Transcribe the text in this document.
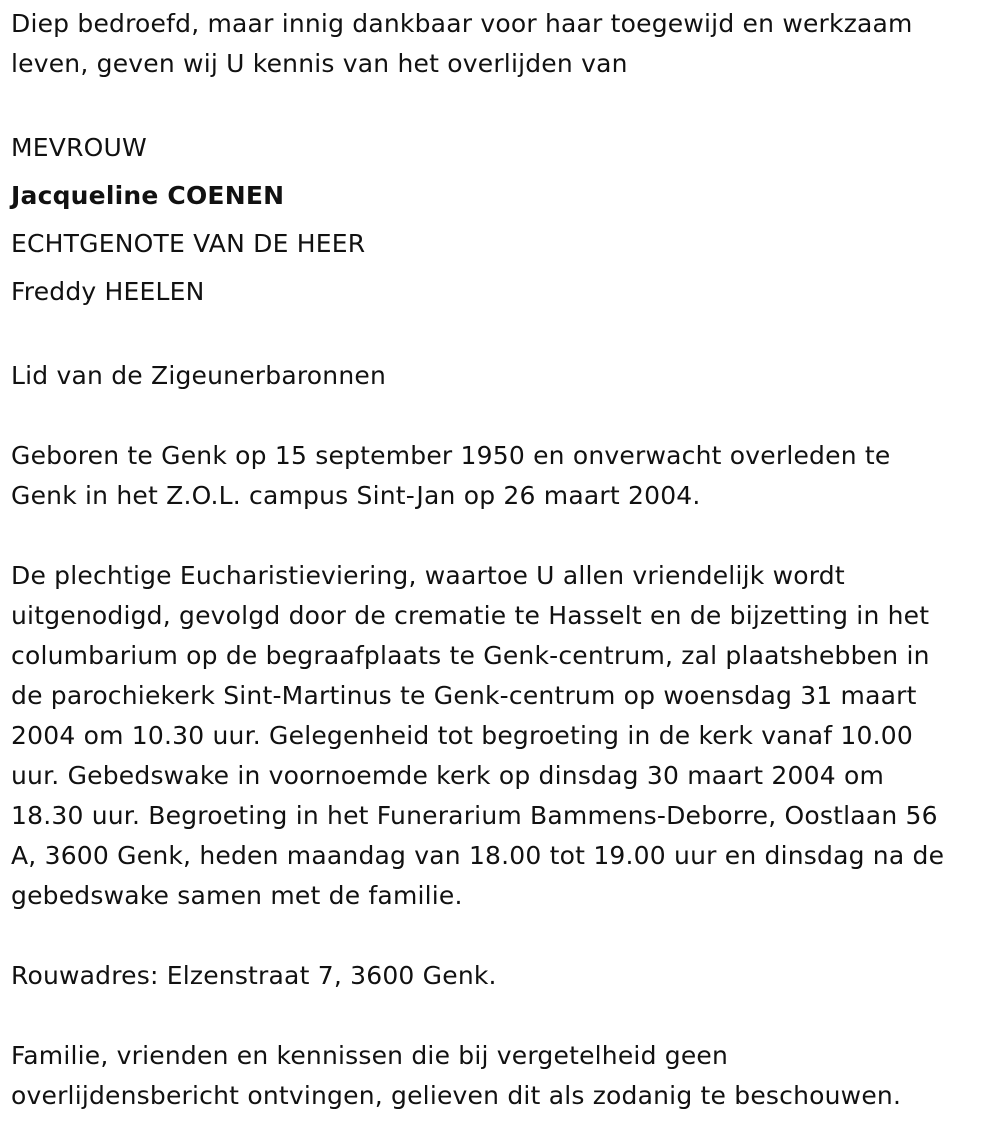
Diep bedroefd, maar innig dankbaar voor haar toegewijd en werkzaam
leven, geven wij U kennis van het overlijden van

MEVROUW
Jacqueline COENEN
ECHTGENOTE VAN DE HEER
Freddy HEELEN

Lid van de Zigeunerbaronnen

Geboren te Genk op 15 september 1950 en onverwacht overleden te
Genk in het Z.O.L. campus Sint-Jan op 26 maart 2004.

De plechtige Eucharistieviering, waartoe U allen vriendelijk wordt
uitgenodigd, gevolgd door de crematie te Hasselt en de bijzetting in het
columbarium op de begraafplaats te Genk-centrum, zal plaatshebben in
de parochiekerk Sint-Martinus te Genk-centrum op woensdag 31 maart
2004 om 10.30 uur. Gelegenheid tot begroeting in de kerk vanaf 10.00
uur. Gebedswake in voornoemde kerk op dinsdag 30 maart 2004 om
18.30 uur. Begroeting in het Funerarium Bammens-Deborre, Oostlaan 56
A, 3600 Genk, heden maandag van 18.00 tot 19.00 uur en dinsdag na de
gebedswake samen met de familie.

Rouwadres: Elzenstraat 7, 3600 Genk.

Familie, vrienden en kennissen die bij vergetelheid geen
overlijdensbericht ontvingen, gelieven dit als zodanig te beschouwen.
